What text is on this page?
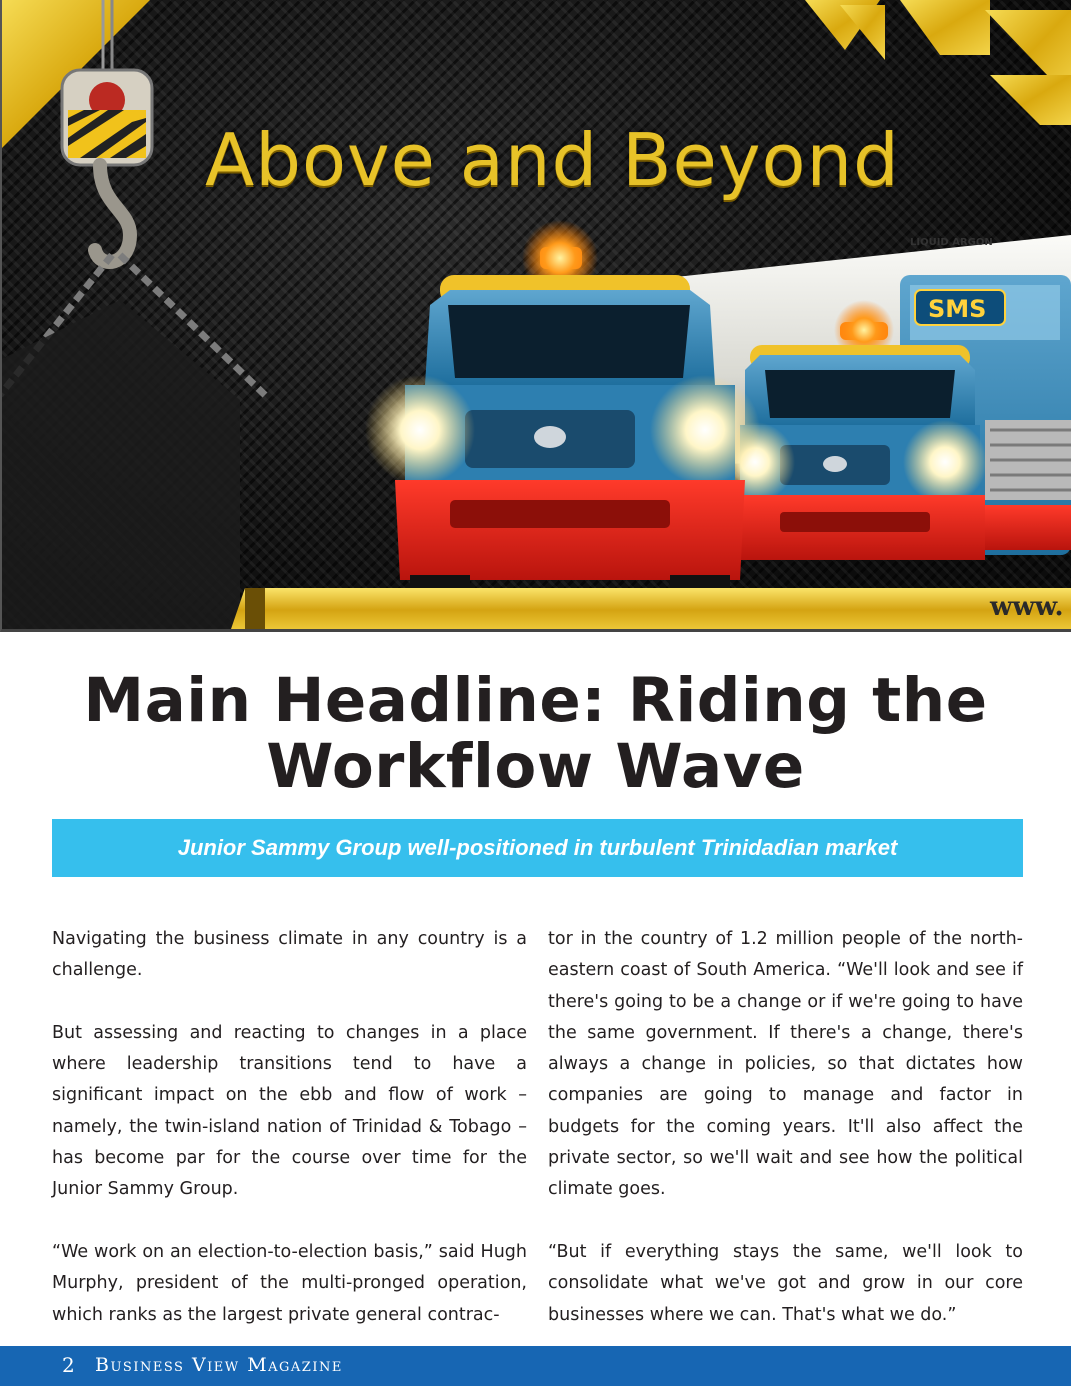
LIQUID ARGON
SMS
Above and Beyond

www.

Main Headline: Riding the Workflow Wave

Junior Sammy Group well-positioned in turbulent Trinidadian market

Navigating the business climate in any country is a challenge.

But assessing and reacting to changes in a place where leadership transitions tend to have a significant impact on the ebb and flow of work – namely, the twin-island nation of Trinidad & Tobago – has become par for the course over time for the Junior Sammy Group.

“We work on an election-to-election basis,” said Hugh Murphy, president of the multi-pronged operation, which ranks as the largest private general contrac-

tor in the country of 1.2 million people of the north-eastern coast of South America. “We'll look and see if there's going to be a change or if we're going to have the same government. If there's a change, there's always a change in policies, so that dictates how companies are going to manage and factor in budgets for the coming years. It'll also affect the private sector, so we'll wait and see how the political climate goes.

“But if everything stays the same, we'll look to consolidate what we've got and grow in our core businesses where we can. That's what we do.”

2 Business View Magazine
